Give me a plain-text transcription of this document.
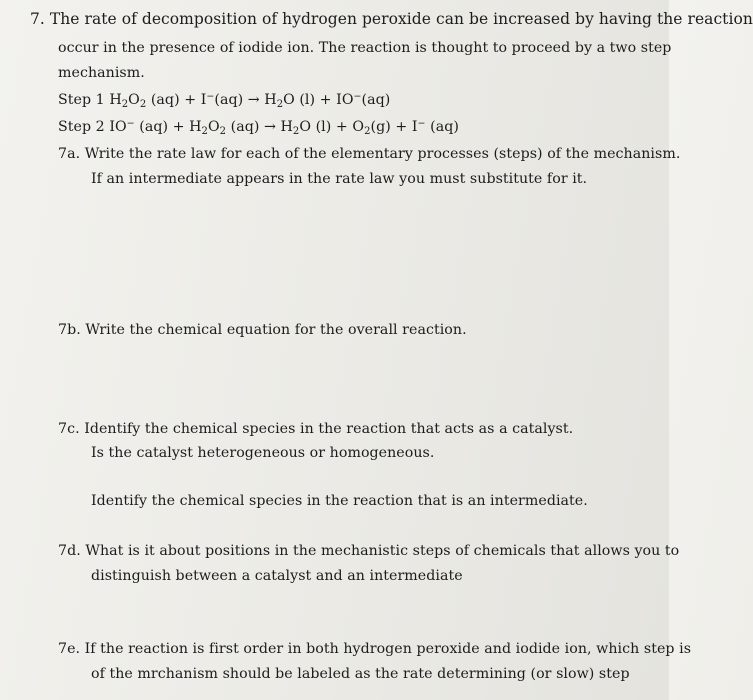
7. The rate of decomposition of hydrogen peroxide can be increased by having the reaction
occur in the presence of iodide ion. The reaction is thought to proceed by a two step
mechanism.
Step 1 $H_2O_2$ $(aq) + I^-(aq) \to H_2O$ (l) + IO−(aq)
Step 2 IO− $(aq) + H_2O_2$ $(aq) \to H_2O$ $(l) + O_2(g) + I^-$ (aq)
7a. Write the rate law for each of the elementary processes (steps) of the mechanism.
If an intermediate appears in the rate law you must substitute for it.
7b. Write the chemical equation for the overall reaction.
7c. Identify the chemical species in the reaction that acts as a catalyst.
Is the catalyst heterogeneous or homogeneous.
Identify the chemical species in the reaction that is an intermediate.
7d. What is it about positions in the mechanistic steps of chemicals that allows you to
distinguish between a catalyst and an intermediate
7e. If the reaction is first order in both hydrogen peroxide and iodide ion, which step is
of the mrchanism should be labeled as the rate determining (or slow) step
